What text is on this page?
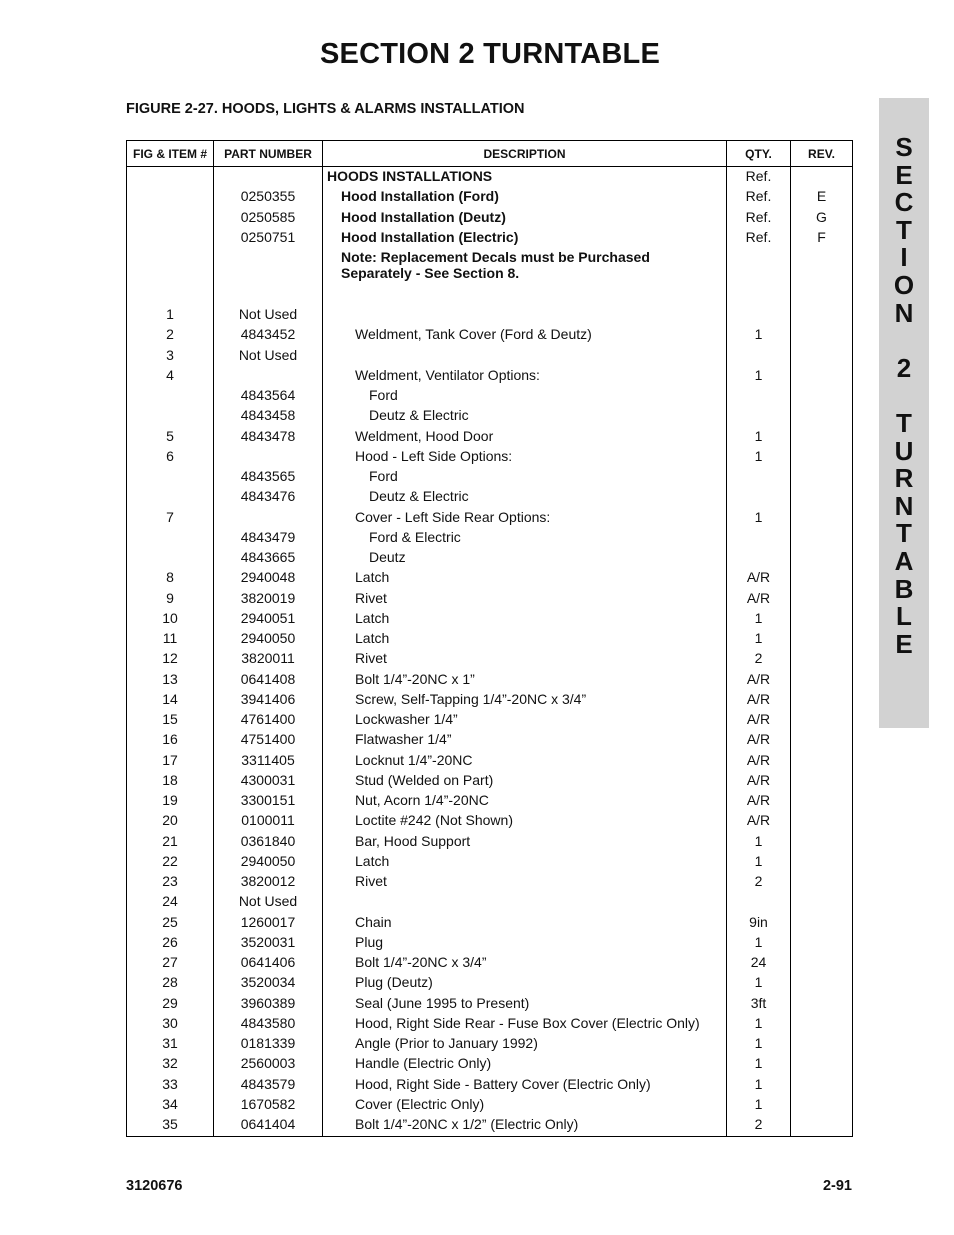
SECTION 2 TURNTABLE
FIGURE 2-27. HOODS, LIGHTS & ALARMS INSTALLATION
S
E
C
T
I
O
N
2
T
U
R
N
T
A
B
L
E
FIG & ITEM #	PART NUMBER	DESCRIPTION	QTY.	REV.
		HOODS INSTALLATIONS	Ref.	
	0250355	Hood Installation (Ford)	Ref.	E
	0250585	Hood Installation (Deutz)	Ref.	G
	0250751	Hood Installation (Electric)	Ref.	F
		Note: Replacement Decals must be Purchased
Separately - See Section 8.		

1	Not Used			
2	4843452	Weldment, Tank Cover (Ford & Deutz)	1	
3	Not Used			
4		Weldment, Ventilator Options:	1	
	4843564	Ford		
	4843458	Deutz & Electric		
5	4843478	Weldment, Hood Door	1	
6		Hood - Left Side Options:	1	
	4843565	Ford		
	4843476	Deutz & Electric		
7		Cover - Left Side Rear Options:	1	
	4843479	Ford & Electric		
	4843665	Deutz		
8	2940048	Latch	A/R	
9	3820019	Rivet	A/R	
10	2940051	Latch	1	
11	2940050	Latch	1	
12	3820011	Rivet	2	
13	0641408	Bolt 1/4”-20NC x 1”	A/R	
14	3941406	Screw, Self-Tapping 1/4”-20NC x 3/4”	A/R	
15	4761400	Lockwasher 1/4”	A/R	
16	4751400	Flatwasher 1/4”	A/R	
17	3311405	Locknut 1/4”-20NC	A/R	
18	4300031	Stud (Welded on Part)	A/R	
19	3300151	Nut, Acorn 1/4”-20NC	A/R	
20	0100011	Loctite #242 (Not Shown)	A/R	
21	0361840	Bar, Hood Support	1	
22	2940050	Latch	1	
23	3820012	Rivet	2	
24	Not Used			
25	1260017	Chain	9in	
26	3520031	Plug	1	
27	0641406	Bolt 1/4”-20NC x 3/4”	24	
28	3520034	Plug (Deutz)	1	
29	3960389	Seal (June 1995 to Present)	3ft	
30	4843580	Hood, Right Side Rear - Fuse Box Cover (Electric Only)	1	
31	0181339	Angle (Prior to January 1992)	1	
32	2560003	Handle (Electric Only)	1	
33	4843579	Hood, Right Side - Battery Cover (Electric Only)	1	
34	1670582	Cover (Electric Only)	1	
35	0641404	Bolt 1/4”-20NC x 1/2” (Electric Only)	2	
3120676	2-91
